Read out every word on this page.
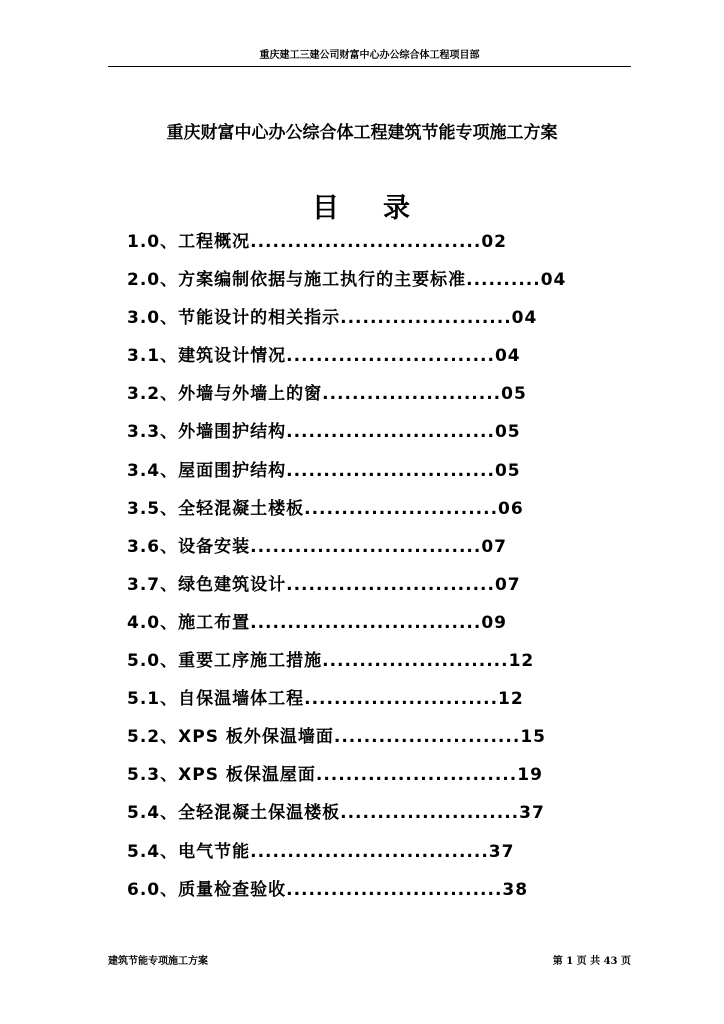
重庆建工三建公司财富中心办公综合体工程项目部
重庆财富中心办公综合体工程建筑节能专项施工方案
目 录
1.0、工程概况...............................02
2.0、方案编制依据与施工执行的主要标准..........04
3.0、节能设计的相关指示.......................04
3.1、建筑设计情况............................04
3.2、外墙与外墙上的窗........................05
3.3、外墙围护结构............................05
3.4、屋面围护结构............................05
3.5、全轻混凝土楼板..........................06
3.6、设备安装...............................07
3.7、绿色建筑设计............................07
4.0、施工布置...............................09
5.0、重要工序施工措施.........................12
5.1、自保温墙体工程..........................12
5.2、XPS 板外保温墙面.........................15
5.3、XPS 板保温屋面...........................19
5.4、全轻混凝土保温楼板........................37
5.4、电气节能................................37
6.0、质量检查验收.............................38
建筑节能专项施工方案	第 1 页 共 43 页
